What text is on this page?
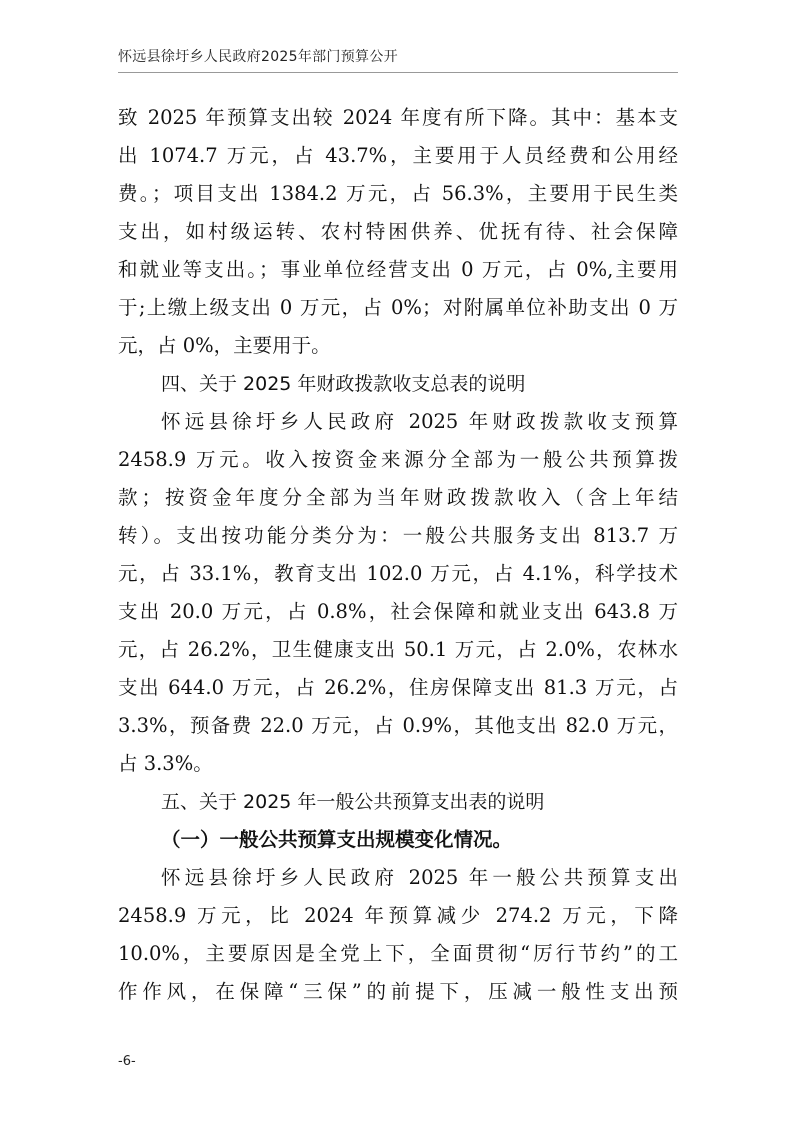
怀远县徐圩乡人民政府2025年部门预算公开
致 2025 年预算支出较 2024 年度有所下降。其中：基本支
出 1074.7 万元，占 43.7%，主要用于人员经费和公用经
费。；项目支出 1384.2 万元，占 56.3%，主要用于民生类
支出，如村级运转、农村特困供养、优抚有待、社会保障
和就业等支出。；事业单位经营支出 0 万元，占 0%,主要用
于;上缴上级支出 0 万元，占 0%；对附属单位补助支出 0 万
元，占 0%，主要用于。
四、关于 2025 年财政拨款收支总表的说明
怀远县徐圩乡人民政府 2025 年财政拨款收支预算
2458.9 万元。收入按资金来源分全部为一般公共预算拨
款；按资金年度分全部为当年财政拨款收入（含上年结
转）。支出按功能分类分为：一般公共服务支出 813.7 万
元，占 33.1%，教育支出 102.0 万元，占 4.1%，科学技术
支出 20.0 万元，占 0.8%，社会保障和就业支出 643.8 万
元，占 26.2%，卫生健康支出 50.1 万元，占 2.0%，农林水
支出 644.0 万元，占 26.2%，住房保障支出 81.3 万元，占
3.3%，预备费 22.0 万元，占 0.9%，其他支出 82.0 万元，
占 3.3%。
五、关于 2025 年一般公共预算支出表的说明
（一）一般公共预算支出规模变化情况。
怀远县徐圩乡人民政府 2025 年一般公共预算支出
2458.9 万元，比 2024 年预算减少 274.2 万元，下降
10.0%，主要原因是全党上下，全面贯彻“厉行节约”的工
作作风，在保障“三保”的前提下，压减一般性支出预
-6-
